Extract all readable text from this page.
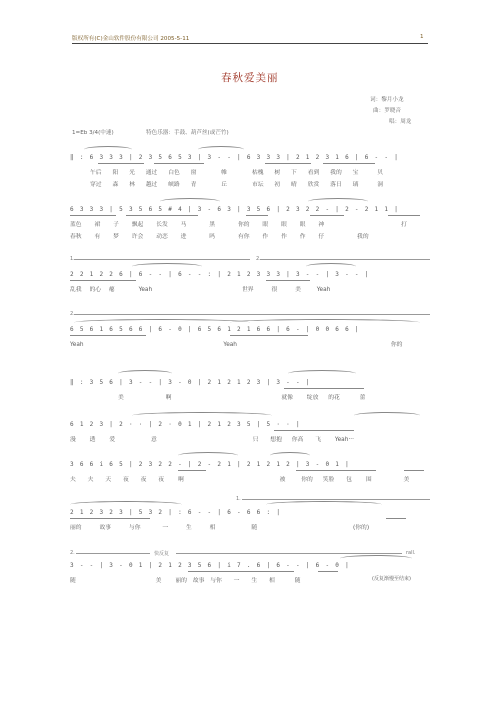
版权所有(C)金山软件股份有限公司 2005-5-11	1
春秋爱美丽
词：黎月小龙
曲：罗晓音
唱：周龙
1=Eb 3/4(中速)	特色乐器：手鼓、葫芦丝(或芒竹)
‖ : 6 3 3 3 | 2 3 5 6 5 3 | 3 - - | 6 3 3 3 | 2 1 2 3 1 6 | 6 - - |
午后 阳 光 通过 白色 窗	帷	枯槐 树 下 看到 我的 宝	贝
穿过 森 林 越过 峡路 青	丘	市坛 初 晴 欣赏 落日 璃	洞
6 3 3 3 | 5 3 5 6 5 # 4 | 3 - 6 3 | 3 5 6 | 2 3 2 2 - | 2 - 2 1 1 |
蓝色 裙 子 飘起 长发 马	黑	你的 眼 眼 眼 神	打
春秋 有 梦 许会 动恋 进	吗	有你 作 作 作 仔	我的
1.	2.
2 2 1 2 2 6 | 6 - - | 6 - - : | 2 1 2 3 3 3 | 3 - - | 3 - - |
乱我 的心 瘪	Yeah	世界	很	美	Yeah
2.
6 5 6 1 6 5 6 6 | 6 - 0 | 6 5 6 1 2 1 6 6 | 6 - | 0 0 6 6 |
Yeah	Yeah	你的
‖ : 3 5 6 | 3 - - | 3 - 0 | 2 1 2 1 2 3 | 3 - - |
美	啊	就像 绽放 的花	蕾
6 1 2 3 | 2 · · | 2 · 0 1 | 2 1 2 3 5 | 5 · · |
漫 透 爱	意	只 想抱 你高 飞 Yeah···
3 6 6 i 6 5 | 2 3 2 2 - | 2 - 2 1 | 2 1 2 1 2 | 3 - 0 1 |
夫 夫 天 夜 夜 夜 啊	被	你的 笑脸 包 围	美
1.
2 1 2 3 2 3 | 5 3 2 | : 6 - - | 6 - 6 6 : |
丽的	故事	与你	一	生	相	随	(你的)
2.	快反复	rall.
3 - - | 3 - 0 1 | 2 1 2 3 5 6 | i 7 . 6 | 6 - - | 6 - 0 |
随	美 丽的 故事 与你 一 生 相	随	(反复渐慢至结束)
